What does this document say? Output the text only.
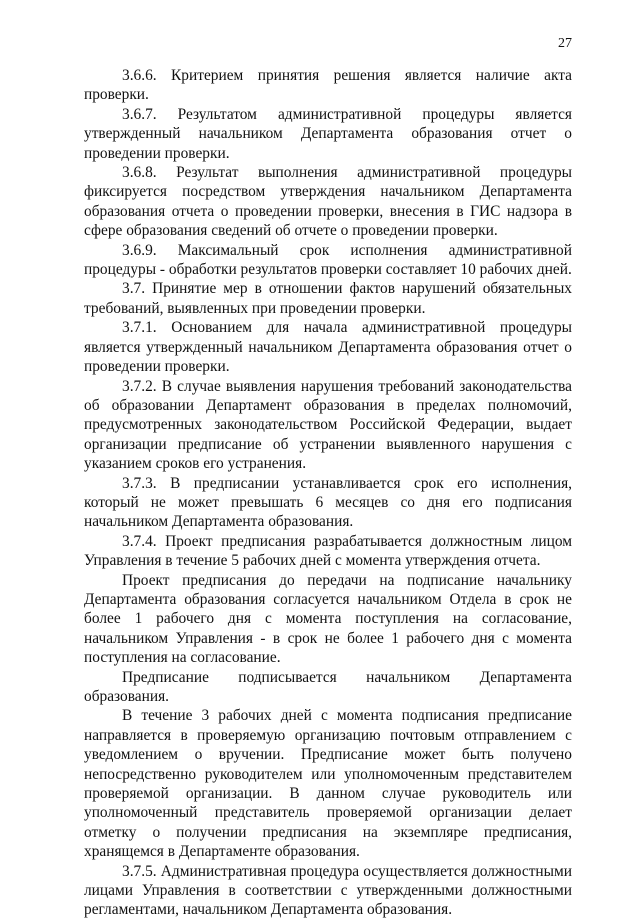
27

3.6.6. Критерием принятия решения является наличие акта проверки.

3.6.7. Результатом административной процедуры является утвержденный начальником Департамента образования отчет о проведении проверки.

3.6.8. Результат выполнения административной процедуры фиксируется посредством утверждения начальником Департамента образования отчета о проведении проверки, внесения в ГИС надзора в сфере образования сведений об отчете о проведении проверки.

3.6.9. Максимальный срок исполнения административной процедуры - обработки результатов проверки составляет 10 рабочих дней.

3.7. Принятие мер в отношении фактов нарушений обязательных требований, выявленных при проведении проверки.

3.7.1. Основанием для начала административной процедуры является утвержденный начальником Департамента образования отчет о проведении проверки.

3.7.2. В случае выявления нарушения требований законодательства об образовании Департамент образования в пределах полномочий, предусмотренных законодательством Российской Федерации, выдает организации предписание об устранении выявленного нарушения с указанием сроков его устранения.

3.7.3. В предписании устанавливается срок его исполнения, который не может превышать 6 месяцев со дня его подписания начальником Департамента образования.

3.7.4. Проект предписания разрабатывается должностным лицом Управления в течение 5 рабочих дней с момента утверждения отчета.

Проект предписания до передачи на подписание начальнику Департамента образования согласуется начальником Отдела в срок не более 1 рабочего дня с момента поступления на согласование, начальником Управления - в срок не более 1 рабочего дня с момента поступления на согласование.

Предписание подписывается начальником Департамента образования.

В течение 3 рабочих дней с момента подписания предписание направляется в проверяемую организацию почтовым отправлением с уведомлением о вручении. Предписание может быть получено непосредственно руководителем или уполномоченным представителем проверяемой организации. В данном случае руководитель или уполномоченный представитель проверяемой организации делает отметку о получении предписания на экземпляре предписания, хранящемся в Департаменте образования.

3.7.5. Административная процедура осуществляется должностными лицами Управления в соответствии с утвержденными должностными регламентами, начальником Департамента образования.
